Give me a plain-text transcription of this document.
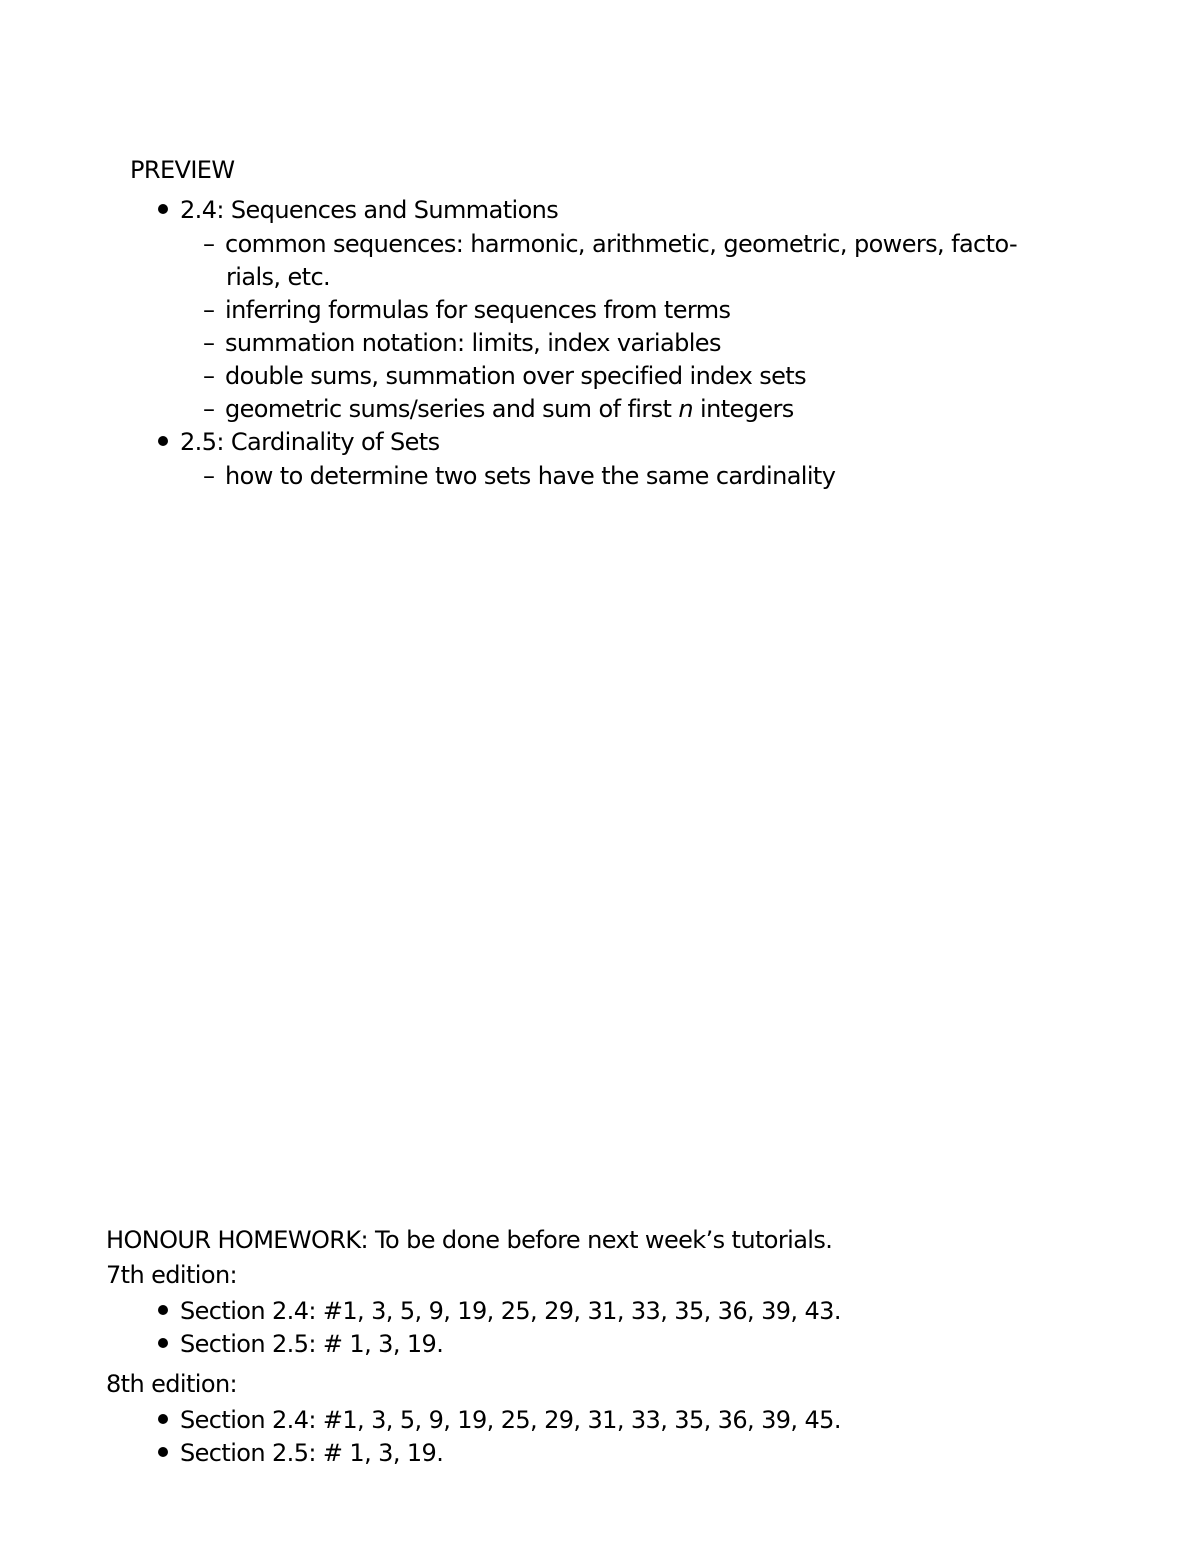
PREVIEW
2.4: Sequences and Summations
– common sequences: harmonic, arithmetic, geometric, powers, facto-
rials, etc.
– inferring formulas for sequences from terms
– summation notation: limits, index variables
– double sums, summation over specified index sets
– geometric sums/series and sum of first n integers
2.5: Cardinality of Sets
– how to determine two sets have the same cardinality
HONOUR HOMEWORK: To be done before next week’s tutorials.
7th edition:
Section 2.4: #1, 3, 5, 9, 19, 25, 29, 31, 33, 35, 36, 39, 43.
Section 2.5: # 1, 3, 19.
8th edition:
Section 2.4: #1, 3, 5, 9, 19, 25, 29, 31, 33, 35, 36, 39, 45.
Section 2.5: # 1, 3, 19.
